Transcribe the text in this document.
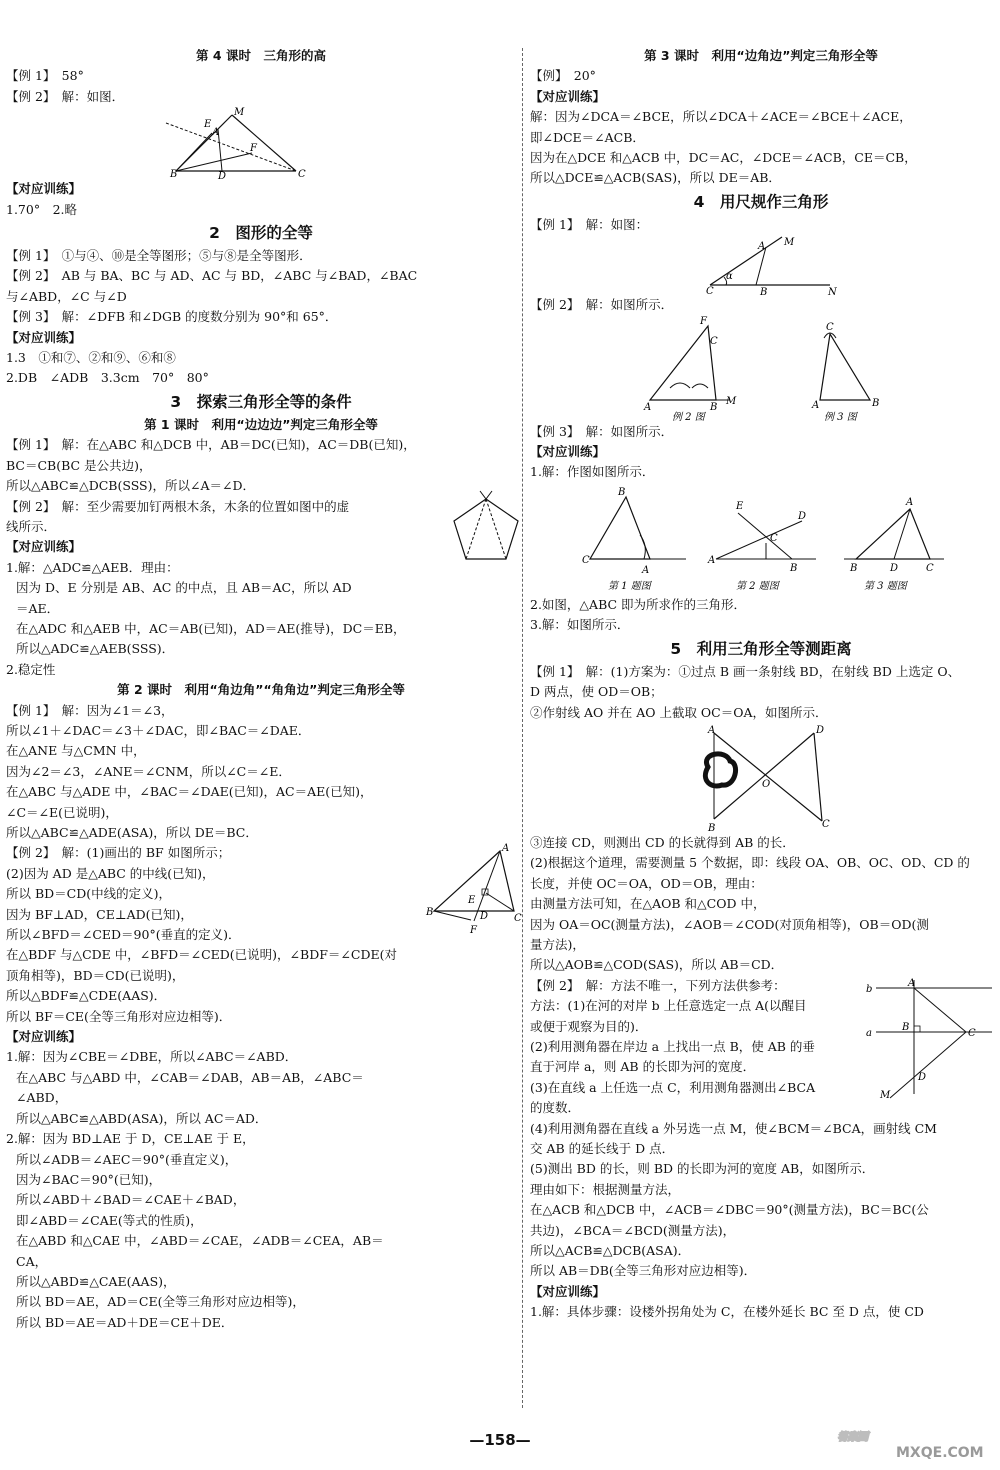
第 4 课时　三角形的高
【例 1】　58°
【例 2】　解：如图．
B	D	C
M
E
A
F
【对应训练】
1.70°　2.略
2　图形的全等
【例 1】　①与④、⑩是全等图形；⑤与⑧是全等图形．
【例 2】　AB 与 BA、BC 与 AD、AC 与 BD，∠ABC 与∠BAD，∠BAC
与∠ABD，∠C 与∠D
【例 3】　解：∠DFB 和∠DGB 的度数分别为 90°和 65°．
【对应训练】
1.3　①和⑦、②和⑨、⑥和⑧
2.DB　∠ADB　3.3cm　70°　80°
3　探索三角形全等的条件
第 1 课时　利用“边边边”判定三角形全等
【例 1】　解：在△ABC 和△DCB 中，AB＝DC(已知)，AC＝DB(已知)，
BC＝CB(BC 是公共边)，
所以△ABC≌△DCB(SSS)，所以∠A＝∠D．
【例 2】　解：至少需要加钉两根木条，木条的位置如图中的虚
线所示．
【对应训练】
1.解：△ADC≌△AEB．理由：
因为 D、E 分别是 AB、AC 的中点，且 AB＝AC，所以 AD
＝AE．
在△ADC 和△AEB 中，AC＝AB(已知)，AD＝AE(推导)，DC＝EB，
所以△ADC≌△AEB(SSS)．
2.稳定性
第 2 课时　利用“角边角”“角角边”判定三角形全等
【例 1】　解：因为∠1＝∠3，
所以∠1＋∠DAC＝∠3＋∠DAC，即∠BAC＝∠DAE．
在△ANE 与△CMN 中，
因为∠2＝∠3，∠ANE＝∠CNM，所以∠C＝∠E．
在△ABC 与△ADE 中，∠BAC＝∠DAE(已知)，AC＝AE(已知)，
∠C＝∠E(已说明)，
所以△ABC≌△ADE(ASA)，所以 DE＝BC．
【例 2】　解：(1)画出的 BF 如图所示；
(2)因为 AD 是△ABC 的中线(已知)，
所以 BD＝CD(中线的定义)，
因为 BF⊥AD，CE⊥AD(已知)，
所以∠BFD＝∠CED＝90°(垂直的定义)．
在△BDF 与△CDE 中，∠BFD＝∠CED(已说明)，∠BDF＝∠CDE(对
顶角相等)，BD＝CD(已说明)，
所以△BDF≌△CDE(AAS)．
所以 BF＝CE(全等三角形对应边相等)．
【对应训练】
1.解：因为∠CBE＝∠DBE，所以∠ABC＝∠ABD．
在△ABC 与△ABD 中，∠CAB＝∠DAB，AB＝AB，∠ABC＝
∠ABD，
所以△ABC≌△ABD(ASA)，所以 AC＝AD．
2.解：因为 BD⊥AE 于 D，CE⊥AE 于 E，
所以∠ADB＝∠AEC＝90°(垂直定义)，
因为∠BAC＝90°(已知)，
所以∠ABD＋∠BAD＝∠CAE＋∠BAD，
即∠ABD＝∠CAE(等式的性质)，
在△ABD 和△CAE 中，∠ABD＝∠CAE，∠ADB＝∠CEA，AB＝
CA，
所以△ABD≌△CAE(AAS)，
所以 BD＝AE，AD＝CE(全等三角形对应边相等)，
所以 BD＝AE＝AD＋DE＝CE＋DE．
A
B
C
E
F
D
第 3 课时　利用“边角边”判定三角形全等
【例】　20°
【对应训练】
解：因为∠DCA＝∠BCE，所以∠DCA＋∠ACE＝∠BCE＋∠ACE，
即∠DCE＝∠ACB．
因为在△DCE 和△ACB 中，DC＝AC，∠DCE＝∠ACB，CE＝CB，
所以△DCE≌△ACB(SAS)，所以 DE＝AB．
4　用尺规作三角形
【例 1】　解：如图：
C	B	N
M
A
α
【例 2】　解：如图所示．
A	B
M
F
C
例 2 图
C
A	B
例 3 图
【例 3】　解：如图所示．
【对应训练】
1.解：作图如图所示．
B
C
A
第 1 题图
A
E
D
C
B
第 2 题图
A
B	D	C
第 3 题图
2.如图，△ABC 即为所求作的三角形．
3.解：如图所示．
5　利用三角形全等测距离
【例 1】　解：(1)方案为：①过点 B 画一条射线 BD，在射线 BD 上选定 O、
D 两点，使 OD＝OB；
②作射线 AO 并在 AO 上截取 OC＝OA，如图所示．
A
B
D
C
O
③连接 CD，则测出 CD 的长就得到 AB 的长．
(2)根据这个道理，需要测量 5 个数据，即：线段 OA、OB、OC、OD、CD 的
长度，并使 OC＝OA，OD＝OB，理由：
由测量方法可知，在△AOB 和△COD 中，
因为 OA＝OC(测量方法)，∠AOB＝∠COD(对顶角相等)，OB＝OD(测
量方法)，
所以△AOB≌△COD(SAS)，所以 AB＝CD．
【例 2】　解：方法不唯一，下列方法供参考：
方法：(1)在河的对岸 b 上任意选定一点 A(以醒目
或便于观察为目的)．
(2)利用测角器在岸边 a 上找出一点 B，使 AB 的垂
直于河岸 a，则 AB 的长即为河的宽度．
(3)在直线 a 上任选一点 C，利用测角器测出∠BCA
的度数．
(4)利用测角器在直线 a 外另选一点 M，使∠BCM＝∠BCA，画射线 CM
交 AB 的延长线于 D 点．
(5)测出 BD 的长，则 BD 的长即为河的宽度 AB，如图所示．
理由如下：根据测量方法，
在△ACB 和△DCB 中，∠ACB＝∠DBC＝90°(测量方法)，BC＝BC(公
共边)，∠BCA＝∠BCD(测量方法)，
所以△ACB≌△DCB(ASA)．
所以 AB＝DB(全等三角形对应边相等)．
【对应训练】
1.解：具体步骤：设楼外拐角处为 C，在楼外延长 BC 至 D 点，使 CD
b
a
A
B
C
D
M
—158—	答案圈
MXQE.COM
